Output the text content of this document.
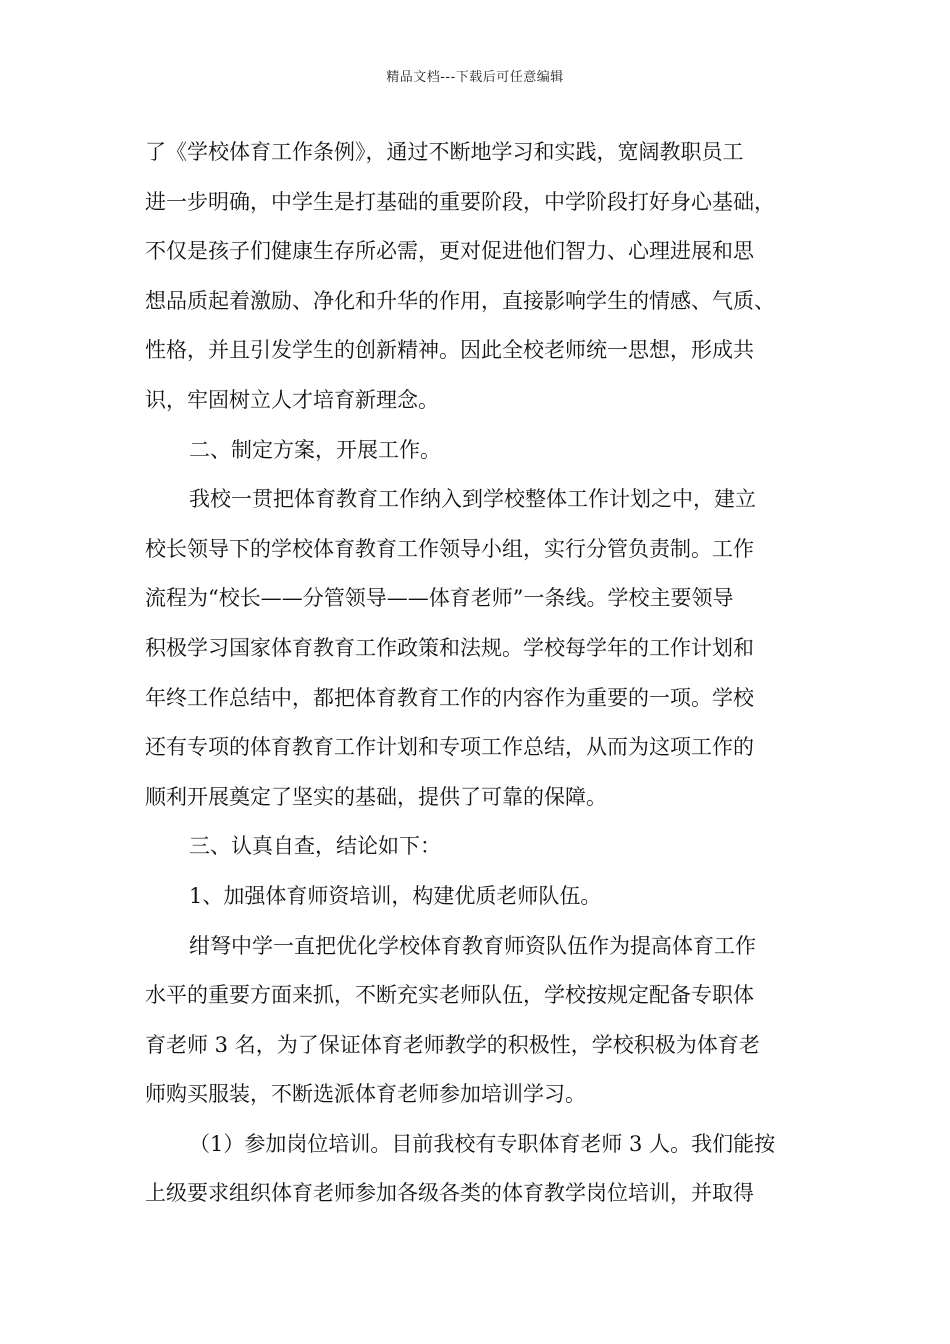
精品文档---下载后可任意编辑
了《学校体育工作条例》，通过不断地学习和实践，宽阔教职员工
进一步明确，中学生是打基础的重要阶段，中学阶段打好身心基础，
不仅是孩子们健康生存所必需，更对促进他们智力、心理进展和思
想品质起着激励、净化和升华的作用，直接影响学生的情感、气质、
性格，并且引发学生的创新精神。因此全校老师统一思想，形成共
识，牢固树立人才培育新理念。
二、制定方案，开展工作。
我校一贯把体育教育工作纳入到学校整体工作计划之中，建立
校长领导下的学校体育教育工作领导小组，实行分管负责制。工作
流程为“校长——分管领导——体育老师”一条线。学校主要领导
积极学习国家体育教育工作政策和法规。学校每学年的工作计划和
年终工作总结中，都把体育教育工作的内容作为重要的一项。学校
还有专项的体育教育工作计划和专项工作总结，从而为这项工作的
顺利开展奠定了坚实的基础，提供了可靠的保障。
三、认真自查，结论如下：
1、加强体育师资培训，构建优质老师队伍。
绀弩中学一直把优化学校体育教育师资队伍作为提高体育工作
水平的重要方面来抓，不断充实老师队伍，学校按规定配备专职体
育老师 3 名，为了保证体育老师教学的积极性，学校积极为体育老
师购买服装，不断选派体育老师参加培训学习。
（1）参加岗位培训。目前我校有专职体育老师 3 人。我们能按
上级要求组织体育老师参加各级各类的体育教学岗位培训，并取得
